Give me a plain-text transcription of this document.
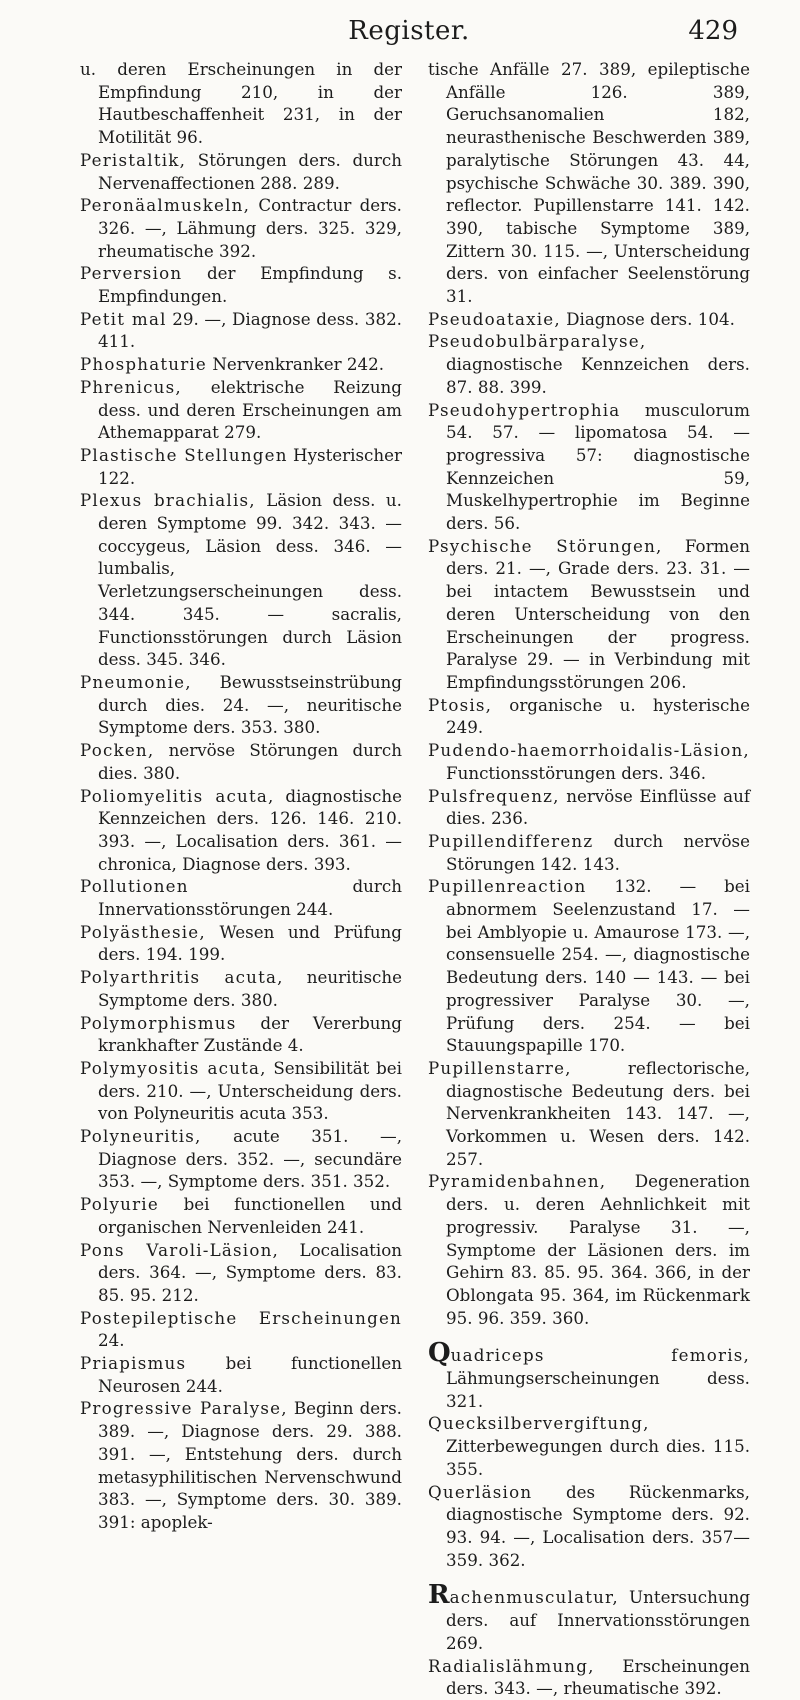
Register.	429

u. deren Erscheinungen in der Empfindung 210, in der Hautbeschaffenheit 231, in der Motilität 96.

Peristaltik, Störungen ders. durch Nervenaffectionen 288. 289.

Peronäalmuskeln, Contractur ders. 326. —, Lähmung ders. 325. 329, rheumatische 392.

Perversion der Empfindung s. Empfindungen.

Petit mal 29. —, Diagnose dess. 382. 411.

Phosphaturie Nervenkranker 242.

Phrenicus, elektrische Reizung dess. und deren Erscheinungen am Athemapparat 279.

Plastische Stellungen Hysterischer 122.

Plexus brachialis, Läsion dess. u. deren Symptome 99. 342. 343. — coccygeus, Läsion dess. 346. — lumbalis, Verletzungserscheinungen dess. 344. 345. — sacralis, Functionsstörungen durch Läsion dess. 345. 346.

Pneumonie, Bewusstseinstrübung durch dies. 24. —, neuritische Symptome ders. 353. 380.

Pocken, nervöse Störungen durch dies. 380.

Poliomyelitis acuta, diagnostische Kennzeichen ders. 126. 146. 210. 393. —, Localisation ders. 361. — chronica, Diagnose ders. 393.

Pollutionen	durch Innervationsstörungen 244.

Polyästhesie, Wesen und Prüfung ders. 194. 199.

Polyarthritis acuta, neuritische Symptome ders. 380.

Polymorphismus der Vererbung krankhafter Zustände 4.

Polymyositis acuta, Sensibilität bei ders. 210. —, Unterscheidung ders. von Polyneuritis acuta 353.

Polyneuritis, acute 351. —, Diagnose ders. 352. —, secundäre 353. —, Symptome ders. 351. 352.

Polyurie bei functionellen und organischen Nervenleiden 241.

Pons Varoli-Läsion, Localisation ders. 364. —, Symptome ders. 83. 85. 95. 212.

Postepileptische Erscheinungen 24.

Priapismus bei functionellen Neurosen 244.

Progressive Paralyse, Beginn ders. 389. —, Diagnose ders. 29. 388. 391. —, Entstehung ders. durch metasyphilitischen Nervenschwund 383. —, Symptome ders. 30. 389. 391: apoplek-

tische Anfälle 27. 389, epileptische Anfälle 126. 389, Geruchsanomalien 182, neurasthenische Beschwerden 389, paralytische Störungen 43. 44, psychische Schwäche 30. 389. 390, reflector. Pupillenstarre 141. 142. 390, tabische Symptome 389, Zittern 30. 115. —, Unterscheidung ders. von einfacher Seelenstörung 31.

Pseudoataxie, Diagnose ders. 104.

Pseudobulbärparalyse, diagnostische Kennzeichen ders. 87. 88. 399.

Pseudohypertrophia musculorum 54. 57. — lipomatosa 54. — progressiva 57: diagnostische Kennzeichen 59, Muskelhypertrophie im Beginne ders. 56.

Psychische Störungen, Formen ders. 21. —, Grade ders. 23. 31. — bei intactem Bewusstsein und deren Unterscheidung von den Erscheinungen der progress. Paralyse 29. — in Verbindung mit Empfindungsstörungen 206.

Ptosis, organische u. hysterische 249.

Pudendo-haemorrhoidalis-Läsion, Functionsstörungen ders. 346.

Pulsfrequenz, nervöse Einflüsse auf dies. 236.

Pupillendifferenz durch nervöse Störungen 142. 143.

Pupillenreaction 132. — bei abnormem Seelenzustand 17. — bei Amblyopie u. Amaurose 173. —, consensuelle 254. —, diagnostische Bedeutung ders. 140 — 143. — bei progressiver Paralyse 30. —, Prüfung ders. 254. — bei Stauungspapille 170.

Pupillenstarre,	reflectorische, diagnostische Bedeutung ders. bei Nervenkrankheiten 143. 147. —, Vorkommen u. Wesen ders. 142. 257.

Pyramidenbahnen, Degeneration ders. u. deren Aehnlichkeit mit progressiv. Paralyse 31. —, Symptome der Läsionen ders. im Gehirn 83. 85. 95. 364. 366, in der Oblongata 95. 364, im Rückenmark 95. 96. 359. 360.

Quadriceps femoris, Lähmungserscheinungen dess. 321.

Quecksilbervergiftung, Zitterbewegungen durch dies. 115. 355.

Querläsion des Rückenmarks, diagnostische Symptome ders. 92. 93. 94. —, Localisation ders. 357—359. 362.

Rachenmusculatur, Untersuchung ders. auf Innervationsstörungen 269.

Radialislähmung, Erscheinungen ders. 343. —, rheumatische 392.
